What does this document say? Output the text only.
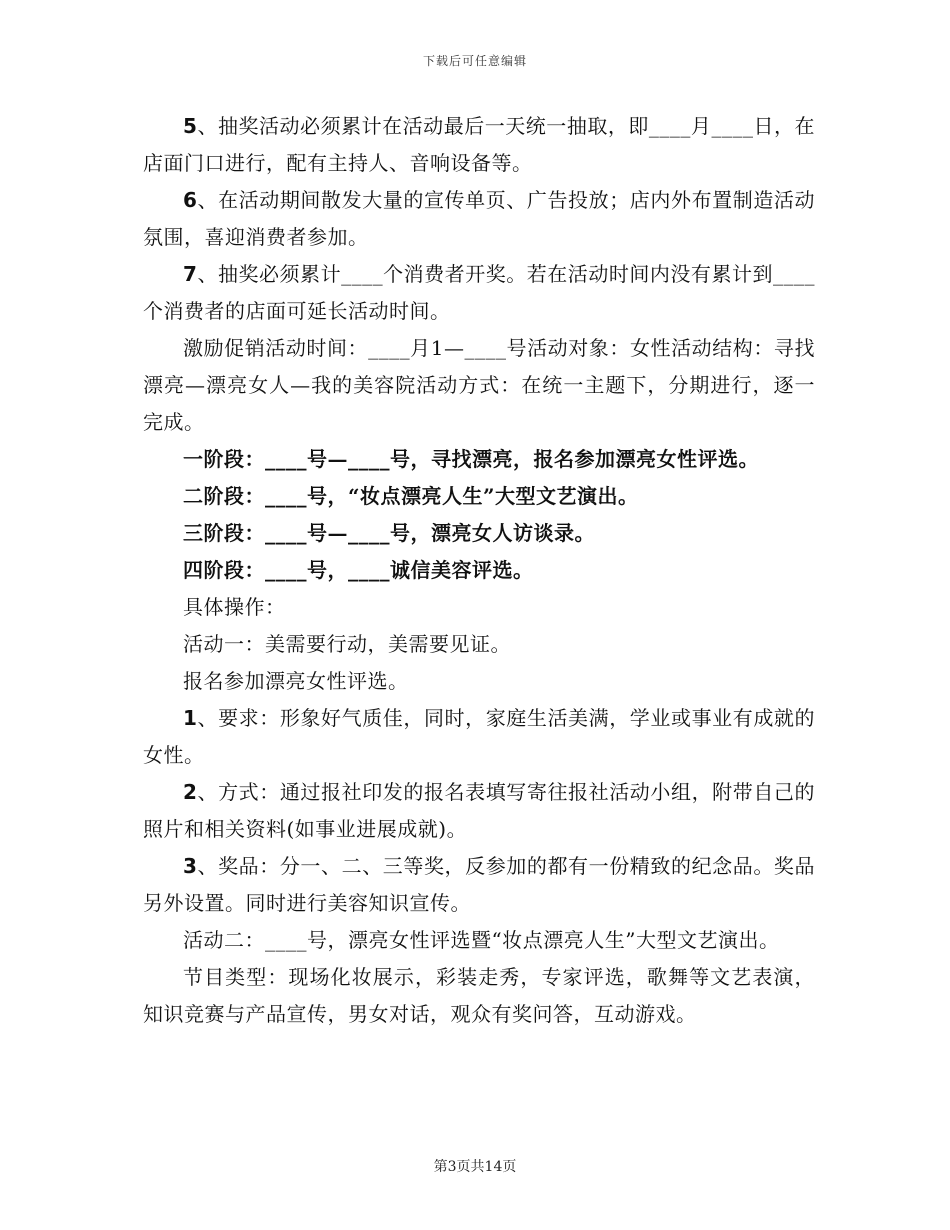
下载后可任意编辑

5、抽奖活动必须累计在活动最后一天统一抽取，即____月____日，在店面门口进行，配有主持人、音响设备等。

6、在活动期间散发大量的宣传单页、广告投放；店内外布置制造活动氛围，喜迎消费者参加。

7、抽奖必须累计____个消费者开奖。若在活动时间内没有累计到____个消费者的店面可延长活动时间。

激励促销活动时间：____月1—____号活动对象：女性活动结构：寻找漂亮—漂亮女人—我的美容院活动方式：在统一主题下，分期进行，逐一完成。

一阶段：____号—____号，寻找漂亮，报名参加漂亮女性评选。

二阶段：____号，“妆点漂亮人生”大型文艺演出。

三阶段：____号—____号，漂亮女人访谈录。

四阶段：____号，____诚信美容评选。

具体操作：

活动一：美需要行动，美需要见证。

报名参加漂亮女性评选。

1、要求：形象好气质佳，同时，家庭生活美满，学业或事业有成就的女性。

2、方式：通过报社印发的报名表填写寄往报社活动小组，附带自己的照片和相关资料(如事业进展成就)。

3、奖品：分一、二、三等奖，反参加的都有一份精致的纪念品。奖品另外设置。同时进行美容知识宣传。

活动二：____号，漂亮女性评选暨“妆点漂亮人生”大型文艺演出。

节目类型：现场化妆展示，彩装走秀，专家评选，歌舞等文艺表演，知识竞赛与产品宣传，男女对话，观众有奖问答，互动游戏。

第3页共14页
